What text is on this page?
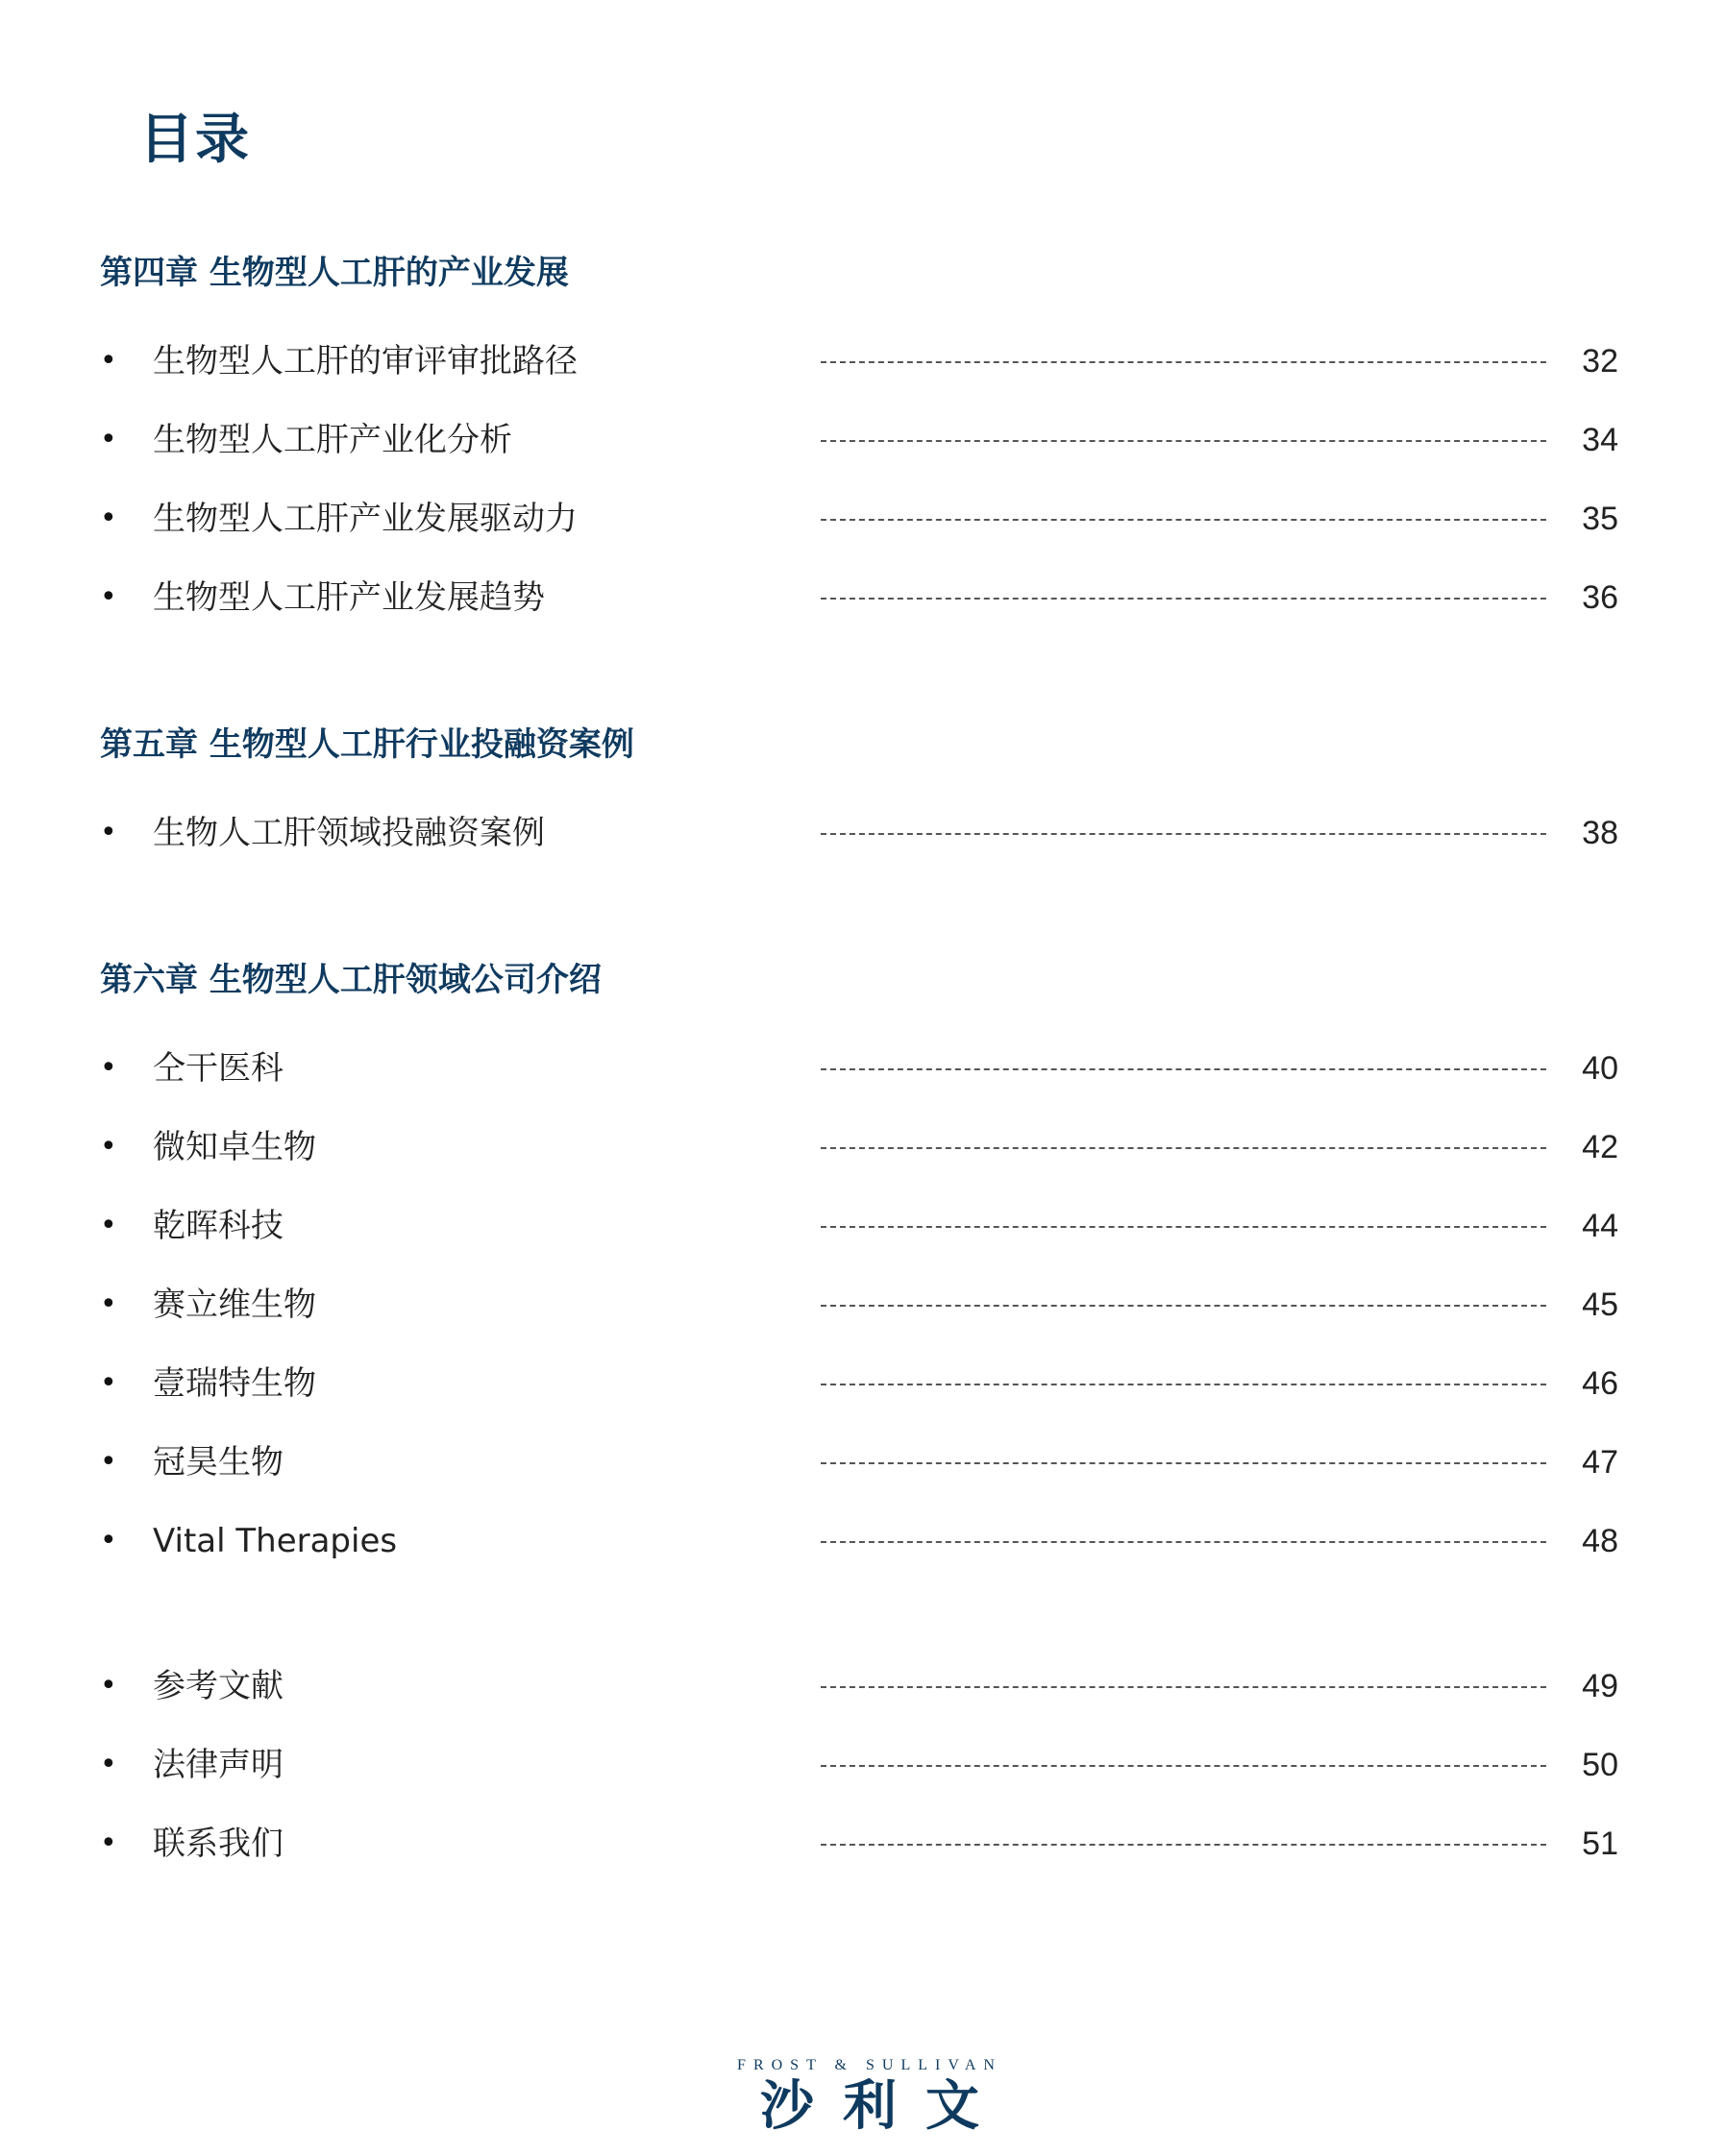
目录
第四章 生物型人工肝的产业发展
• 生物型人工肝的审评审批路径	32
• 生物型人工肝产业化分析	34
• 生物型人工肝产业发展驱动力	35
• 生物型人工肝产业发展趋势	36
第五章 生物型人工肝行业投融资案例
• 生物人工肝领域投融资案例	38
第六章 生物型人工肝领域公司介绍
• 仝干医科	40
• 微知卓生物	42
• 乾晖科技	44
• 赛立维生物	45
• 壹瑞特生物	46
• 冠昊生物	47
• Vital Therapies	48
• 参考文献	49
• 法律声明	50
• 联系我们	51
FROST & SULLIVAN
沙利文
